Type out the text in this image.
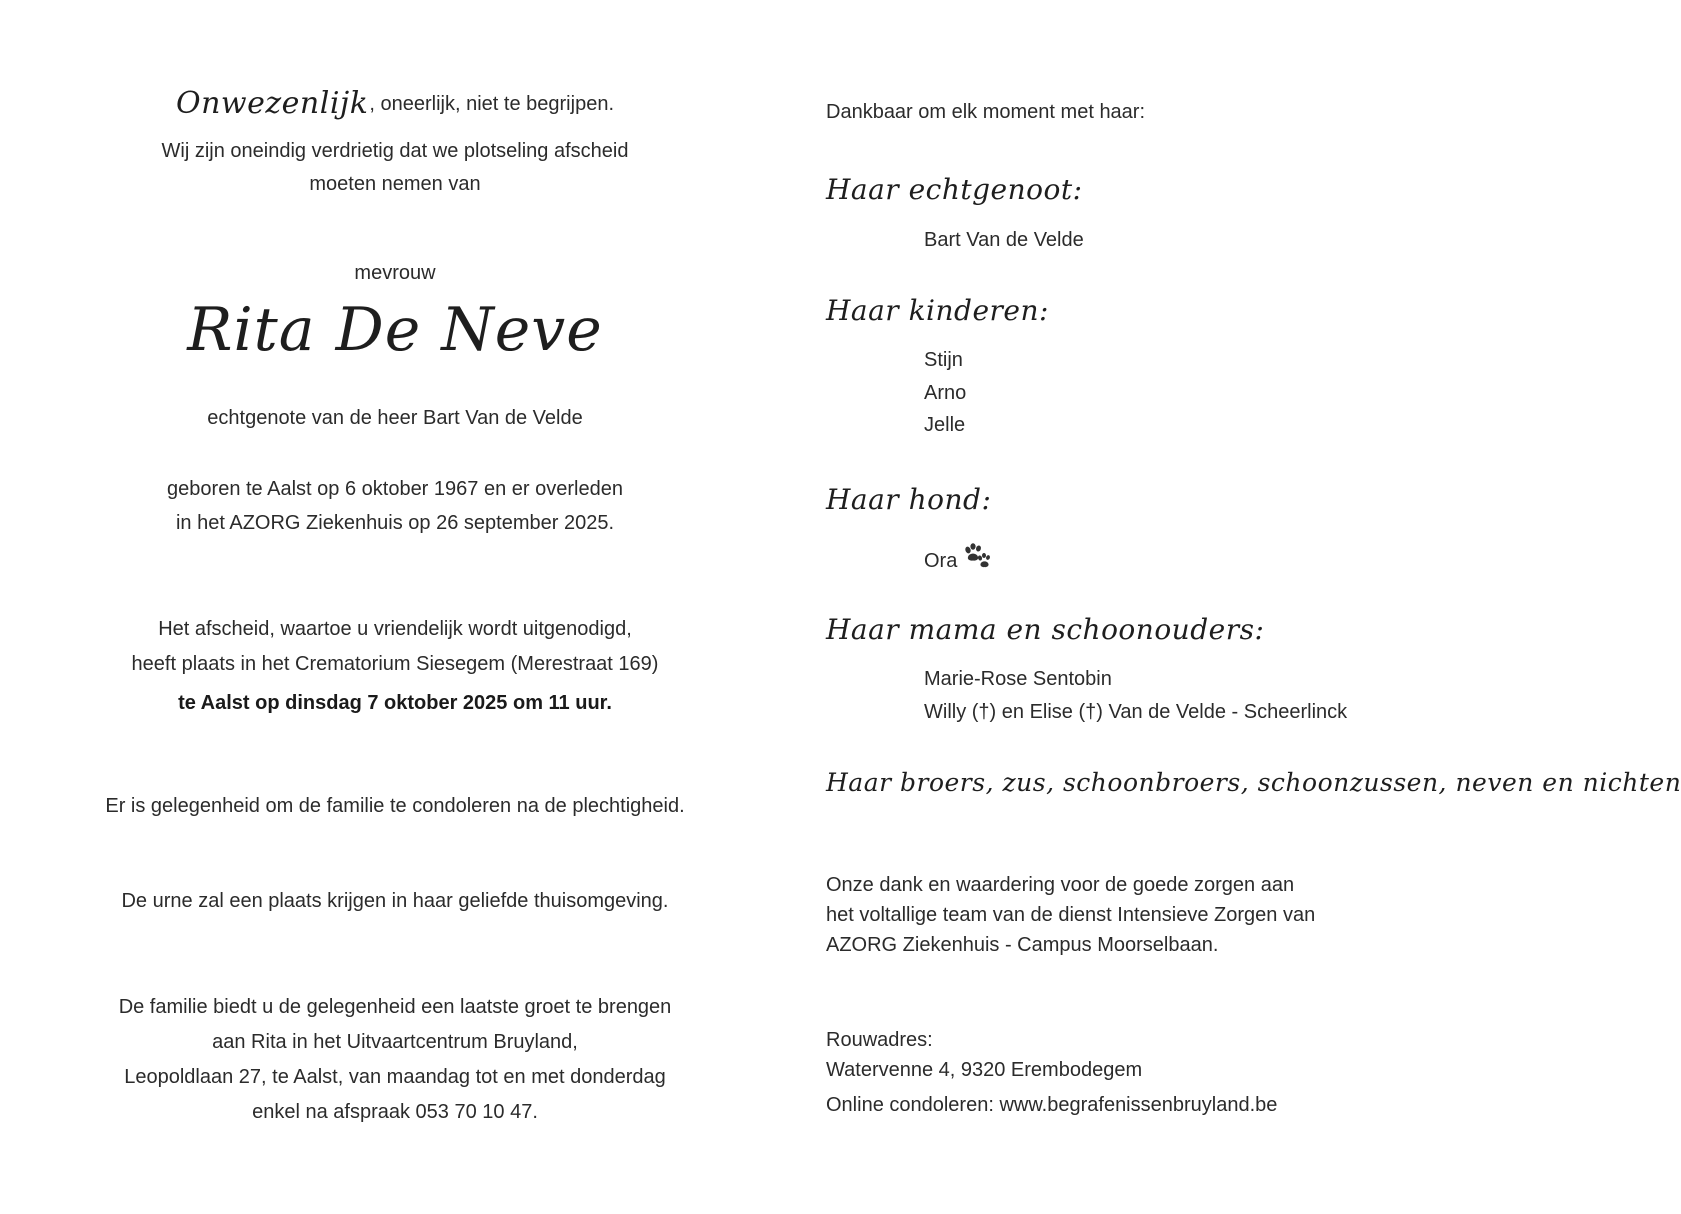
Onwezenlijk, oneerlijk, niet te begrijpen.
Wij zijn oneindig verdrietig dat we plotseling afscheid
moeten nemen van
mevrouw
Rita De Neve
echtgenote van de heer Bart Van de Velde
geboren te Aalst op 6 oktober 1967 en er overleden
in het AZORG Ziekenhuis op 26 september 2025.
Het afscheid, waartoe u vriendelijk wordt uitgenodigd,
heeft plaats in het Crematorium Siesegem (Merestraat 169)
te Aalst op dinsdag 7 oktober 2025 om 11 uur.
Er is gelegenheid om de familie te condoleren na de plechtigheid.
De urne zal een plaats krijgen in haar geliefde thuisomgeving.
De familie biedt u de gelegenheid een laatste groet te brengen
aan Rita in het Uitvaartcentrum Bruyland,
Leopoldlaan 27, te Aalst, van maandag tot en met donderdag
enkel na afspraak 053 70 10 47.
Dankbaar om elk moment met haar:
Haar echtgenoot:
Bart Van de Velde
Haar kinderen:
Stijn
Arno
Jelle
Haar hond:
Ora
Haar mama en schoonouders:
Marie-Rose Sentobin
Willy (†) en Elise (†) Van de Velde - Scheerlinck
Haar broers, zus, schoonbroers, schoonzussen, neven en nichten
Onze dank en waardering voor de goede zorgen aan
het voltallige team van de dienst Intensieve Zorgen van
AZORG Ziekenhuis - Campus Moorselbaan.
Rouwadres:
Watervenne 4, 9320 Erembodegem
Online condoleren: www.begrafenissenbruyland.be
